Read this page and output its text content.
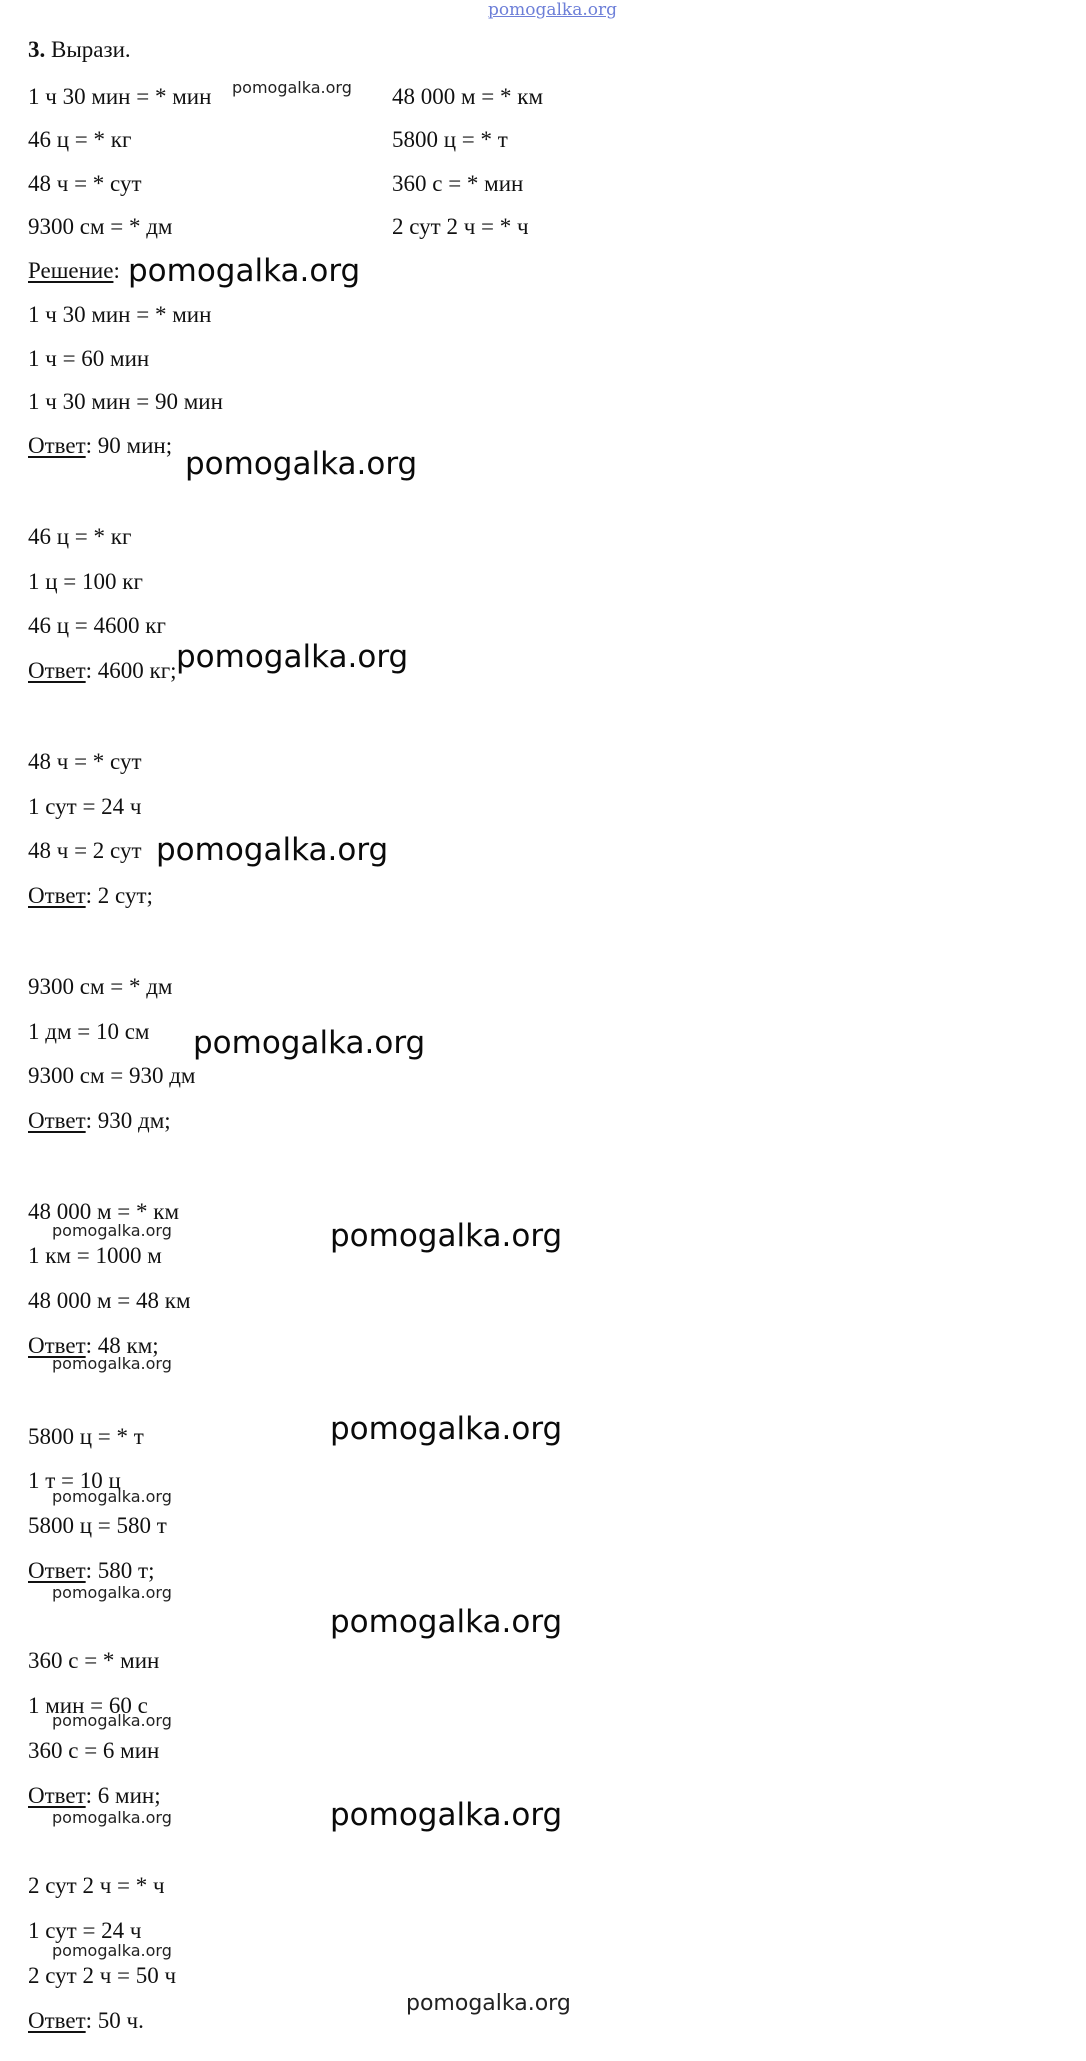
pomogalka.org
3. Вырази.
1 ч 30 мин = * мин
46 ц = * кг
48 ч = * сут
9300 см = * дм
48 000 м = * км
5800 ц = * т
360 с = * мин
2 сут 2 ч = * ч
Решение:
1 ч 30 мин = * мин
1 ч = 60 мин
1 ч 30 мин = 90 мин
Ответ: 90 мин;
46 ц = * кг
1 ц = 100 кг
46 ц = 4600 кг
Ответ: 4600 кг;
48 ч = * сут
1 сут = 24 ч
48 ч = 2 сут
Ответ: 2 сут;
9300 см = * дм
1 дм = 10 см
9300 см = 930 дм
Ответ: 930 дм;
48 000 м = * км
1 км = 1000 м
48 000 м = 48 км
Ответ: 48 км;
5800 ц = * т
1 т = 10 ц
5800 ц = 580 т
Ответ: 580 т;
360 с = * мин
1 мин = 60 с
360 с = 6 мин
Ответ: 6 мин;
2 сут 2 ч = * ч
1 сут = 24 ч
2 сут 2 ч = 50 ч
Ответ: 50 ч.
pomogalka.org
pomogalka.org
pomogalka.org
pomogalka.org
pomogalka.org
pomogalka.org
pomogalka.org
pomogalka.org
pomogalka.org
pomogalka.org
pomogalka.org
pomogalka.org
pomogalka.org
pomogalka.org
pomogalka.org
pomogalka.org
pomogalka.org
pomogalka.org
